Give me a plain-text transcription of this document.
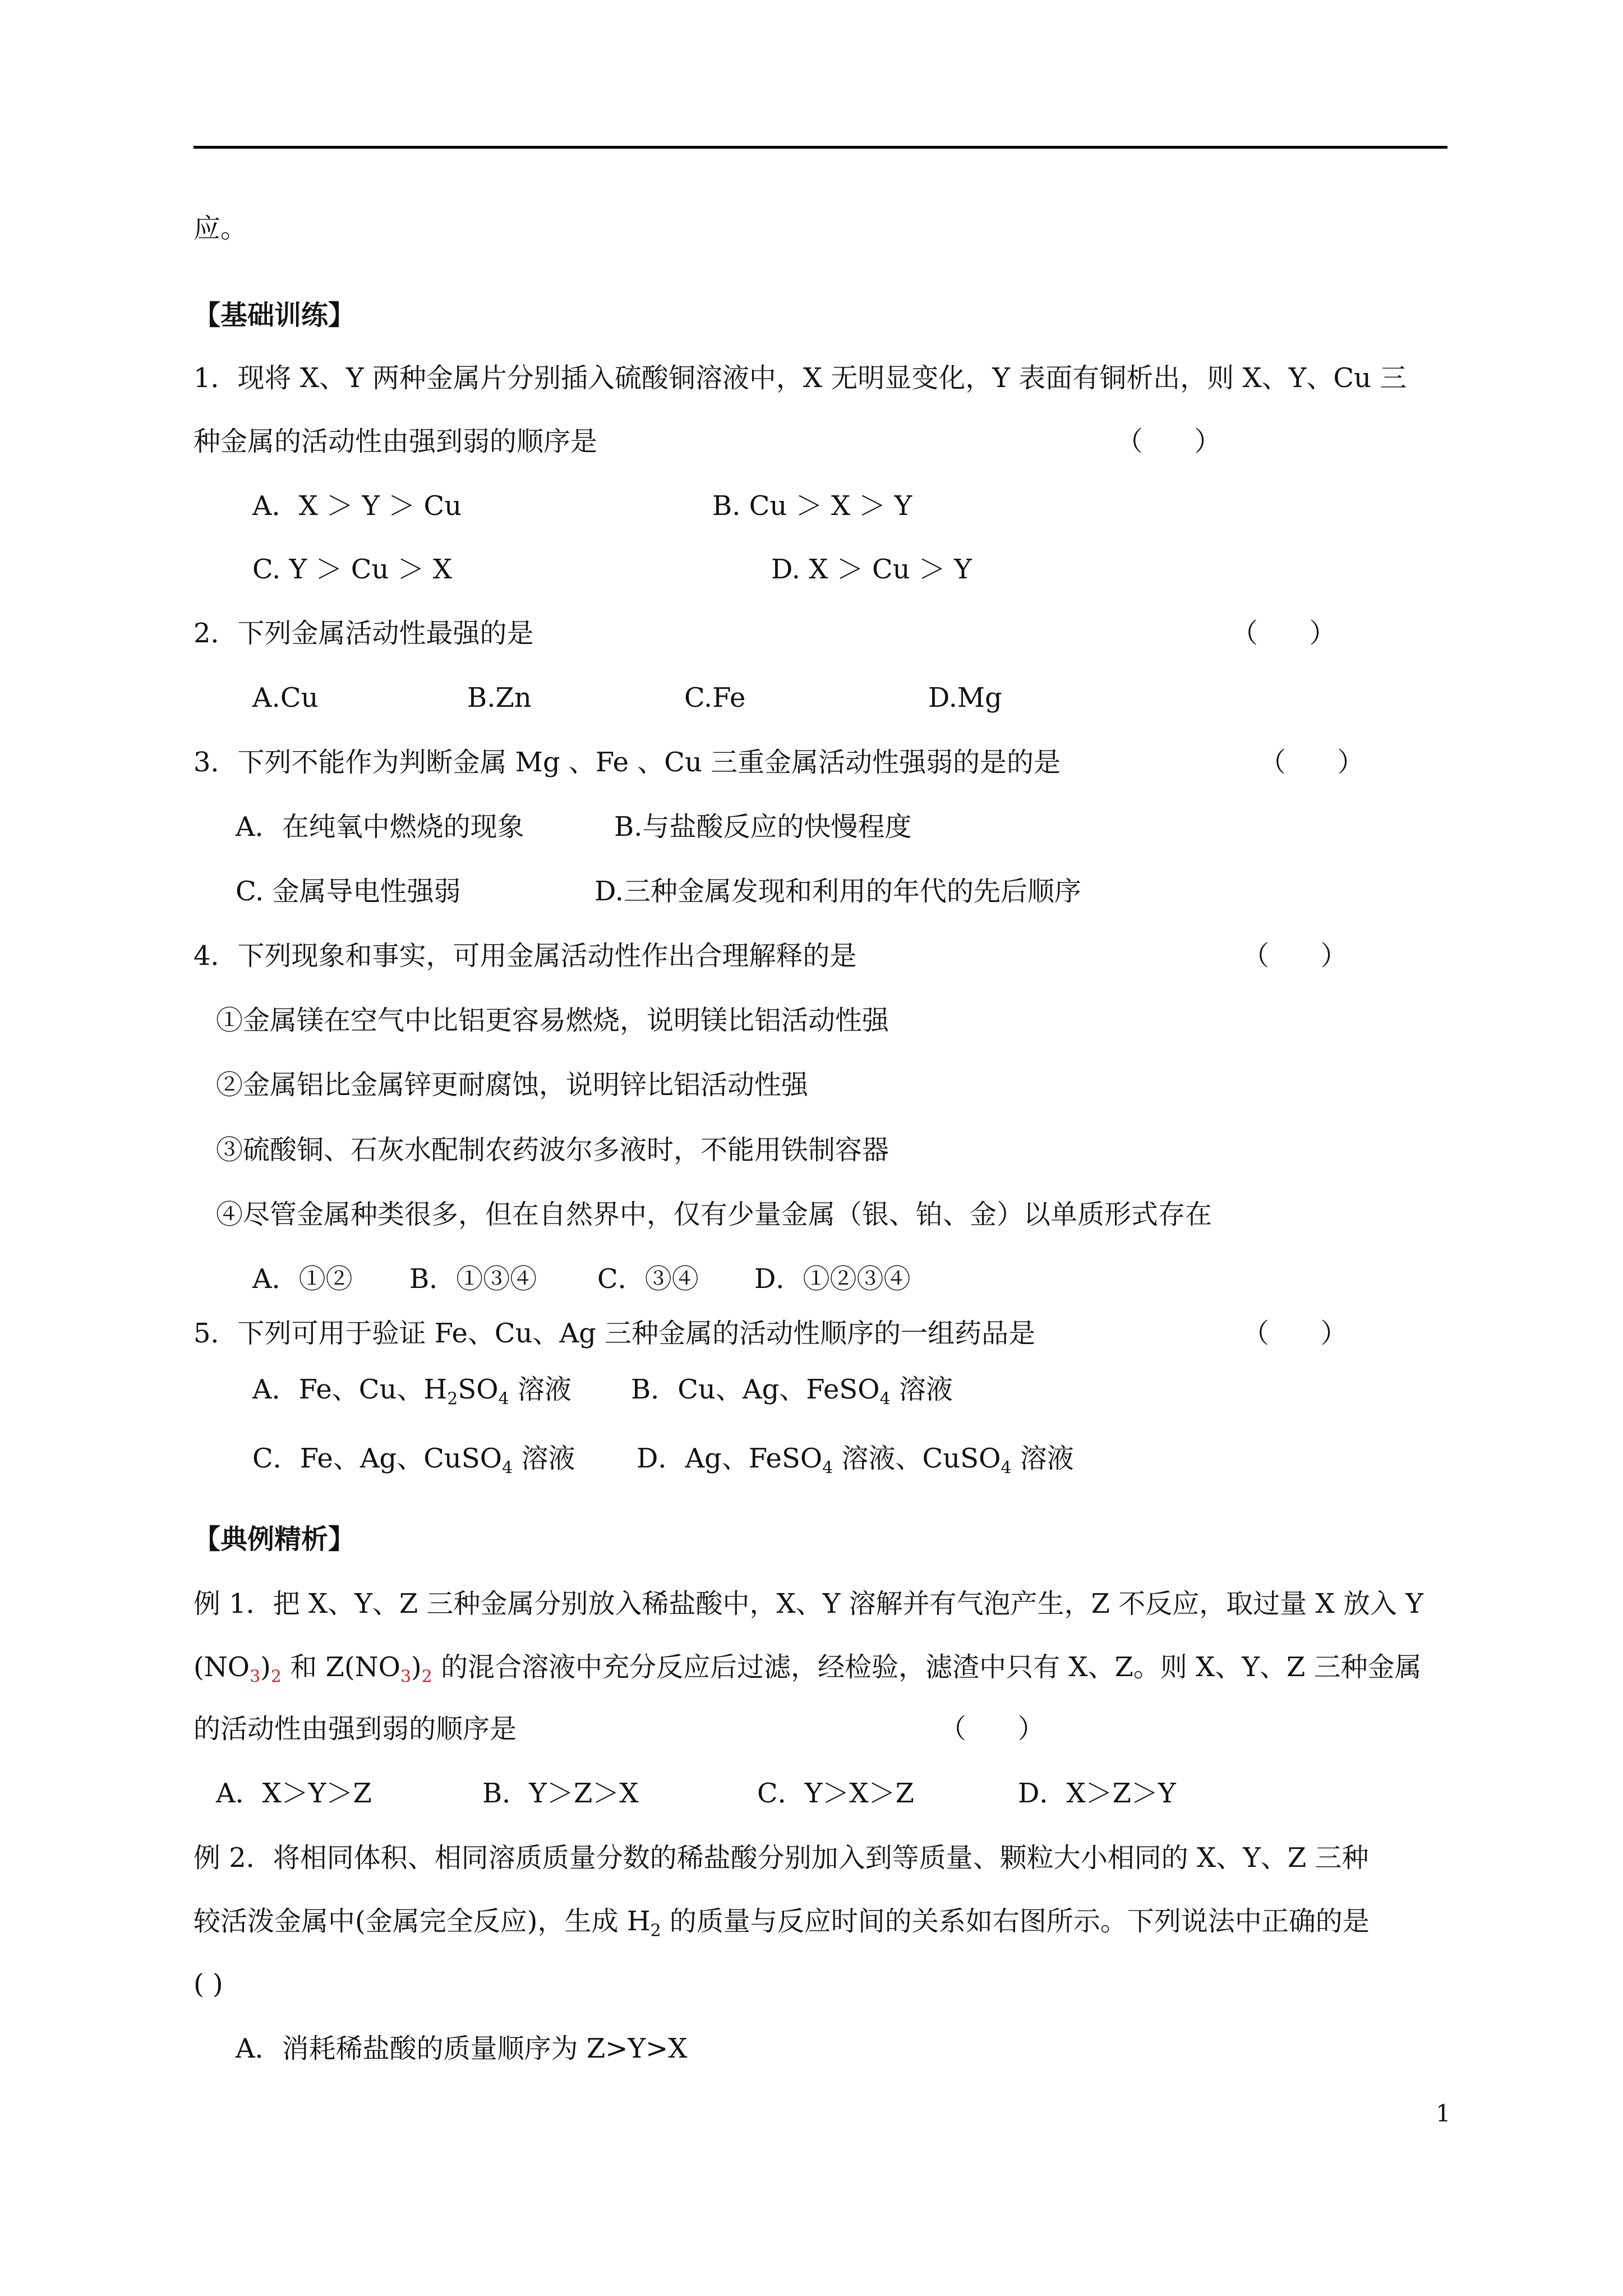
应。
【基础训练】
1．现将 X、Y 两种金属片分别插入硫酸铜溶液中，X 无明显变化，Y 表面有铜析出，则 X、Y、Cu 三
种金属的活动性由强到弱的顺序是	（      ）
A．X ＞ Y ＞ Cu	B. Cu ＞ X ＞ Y
C. Y ＞ Cu ＞ X	D. X ＞ Cu ＞ Y
2．下列金属活动性最强的是	（      ）
A.Cu	B.Zn	C.Fe	D.Mg
3．下列不能作为判断金属 Mg 、Fe 、Cu 三重金属活动性强弱的是的是	（      ）
A．在纯氧中燃烧的现象	B.与盐酸反应的快慢程度
C. 金属导电性强弱	D.三种金属发现和利用的年代的先后顺序
4．下列现象和事实，可用金属活动性作出合理解释的是	（      ）
①金属镁在空气中比铝更容易燃烧，说明镁比铝活动性强
②金属铝比金属锌更耐腐蚀，说明锌比铝活动性强
③硫酸铜、石灰水配制农药波尔多液时，不能用铁制容器
④尽管金属种类很多，但在自然界中，仅有少量金属（银、铂、金）以单质形式存在
A．①② B．①③④ C．③④ D．①②③④
5．下列可用于验证 Fe、Cu、Ag 三种金属的活动性顺序的一组药品是	（      ）
A．Fe、Cu、$H_2SO_4$ 溶液 B．Cu、Ag、FeSO$_4$ 溶液
C．Fe、Ag、CuSO$_4$ 溶液 D．Ag、FeSO$_4$ 溶液、CuSO$_4$ 溶液
【典例精析】
例 1．把 X、Y、Z 三种金属分别放入稀盐酸中，X、Y 溶解并有气泡产生，Z 不反应，取过量 X 放入 Y
$(NO_3)_2$ 和 $Z(NO_3)_2$ 的混合溶液中充分反应后过滤，经检验，滤渣中只有 X、Z。则 X、Y、Z 三种金属
的活动性由强到弱的顺序是	（      ）
A．X＞Y＞Z	B．Y＞Z＞X	C．Y＞X＞Z	D．X＞Z＞Y
例 2．将相同体积、相同溶质质量分数的稀盐酸分别加入到等质量、颗粒大小相同的 X、Y、Z 三种
较活泼金属中(金属完全反应)，生成 $H_2$ 的质量与反应时间的关系如右图所示。下列说法中正确的是
( )
A．消耗稀盐酸的质量顺序为 Z>Y>X
1
